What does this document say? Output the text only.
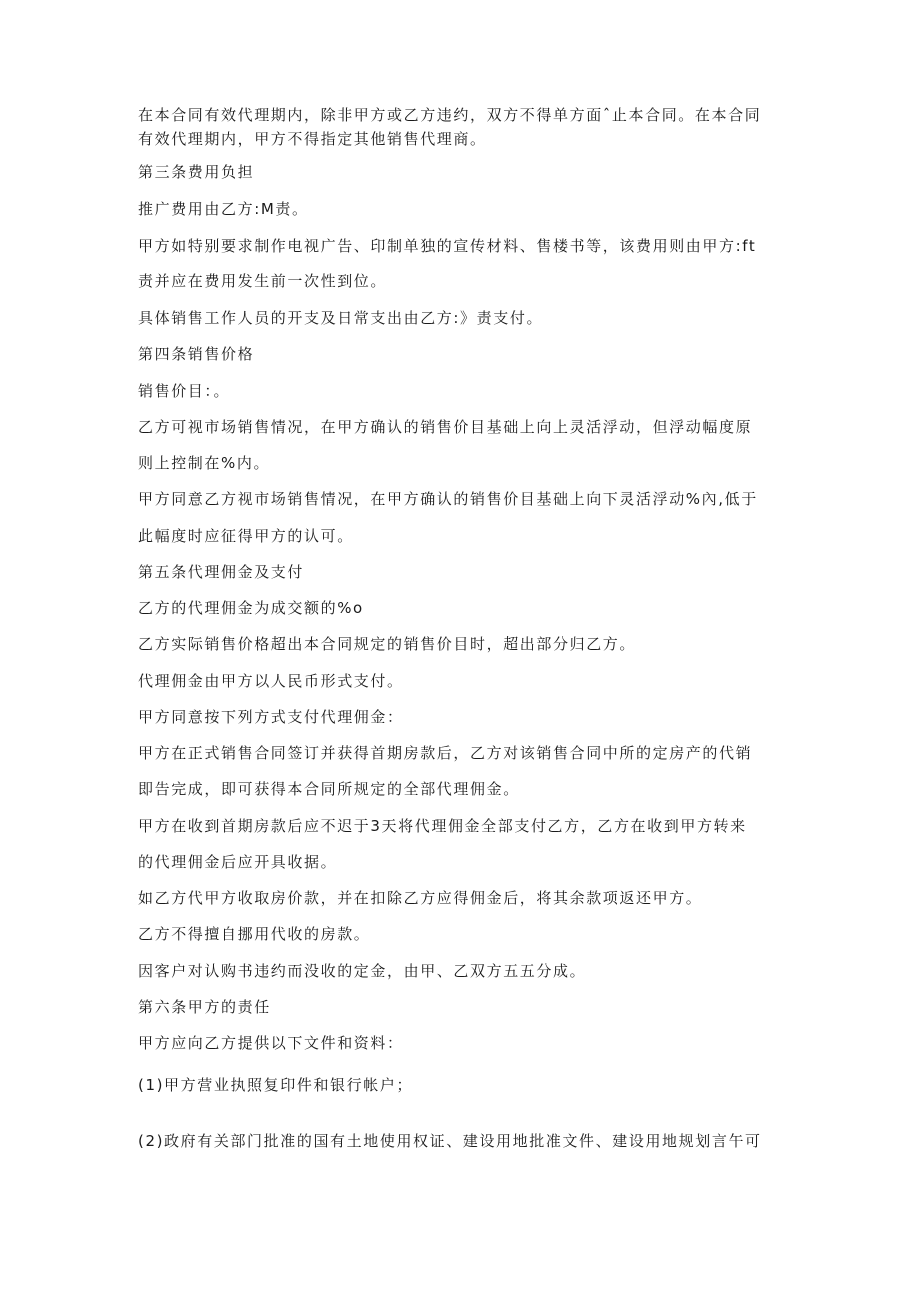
在本合同有效代理期内，除非甲方或乙方违约，双方不得单方面ˆ止本合同。在本合同

有效代理期内，甲方不得指定其他销售代理商。

第三条费用负担

推广费用由乙方:M责。

甲方如特别要求制作电视广告、印制单独的宣传材料、售楼书等，该费用则由甲方:ft

责并应在费用发生前一次性到位。

具体销售工作人员的开支及日常支出由乙方:》责支付。

第四条销售价格

销售价目：。

乙方可视市场销售情况，在甲方确认的销售价目基础上向上灵活浮动，但浮动幅度原

则上控制在%内。

甲方同意乙方视市场销售情况，在甲方确认的销售价目基础上向下灵活浮动%內,低于

此幅度时应征得甲方的认可。

第五条代理佣金及支付

乙方的代理佣金为成交额的%o

乙方实际销售价格超出本合同规定的销售价目时，超出部分归乙方。

代理佣金由甲方以人民币形式支付。

甲方同意按下列方式支付代理佣金：

甲方在正式销售合同签订并获得首期房款后，乙方对该销售合同中所的定房产的代销

即告完成，即可获得本合同所规定的全部代理佣金。

甲方在收到首期房款后应不迟于3天将代理佣金全部支付乙方，乙方在收到甲方转来

的代理佣金后应开具收据。

如乙方代甲方收取房价款，并在扣除乙方应得佣金后，将其余款项返还甲方。

乙方不得擅自挪用代收的房款。

因客户对认购书违约而没收的定金，由甲、乙双方五五分成。

第六条甲方的责任

甲方应向乙方提供以下文件和资料：

(1)甲方营业执照复印件和银行帐户；

(2)政府有关部门批准的国有土地使用权证、建设用地批准文件、建设用地规划言午可
